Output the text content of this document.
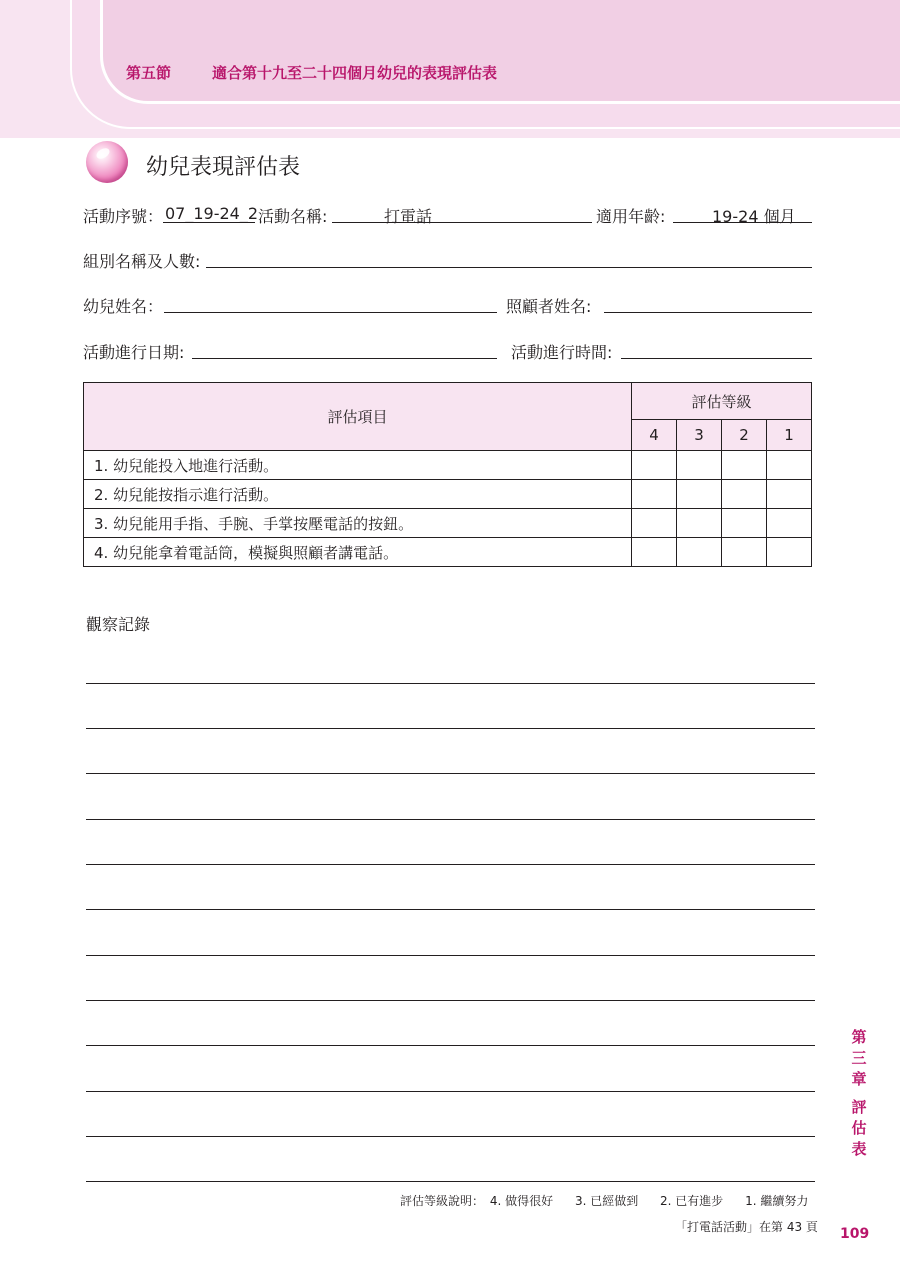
第五節	適合第十九至二十四個月幼兒的表現評估表
幼兒表現評估表
活動序號： 07_19-24_2 活動名稱:	打電話	適用年齡:	19-24 個月
組別名稱及人數:
幼兒姓名：	照顧者姓名:
活動進行日期:	活動進行時間:
評估項目	評估等級			
	4	3	2	1
1. 幼兒能投入地進行活動。				
2. 幼兒能按指示進行活動。				
3. 幼兒能用手指、手腕、手掌按壓電話的按鈕。				
4. 幼兒能拿着電話筒，模擬與照顧者講電話。				
觀察記錄
評估等級說明： 4. 做得很好 3. 已經做到 2. 已有進步 1. 繼續努力
「打電話活動」在第 43 頁 109
第三章
評估表
